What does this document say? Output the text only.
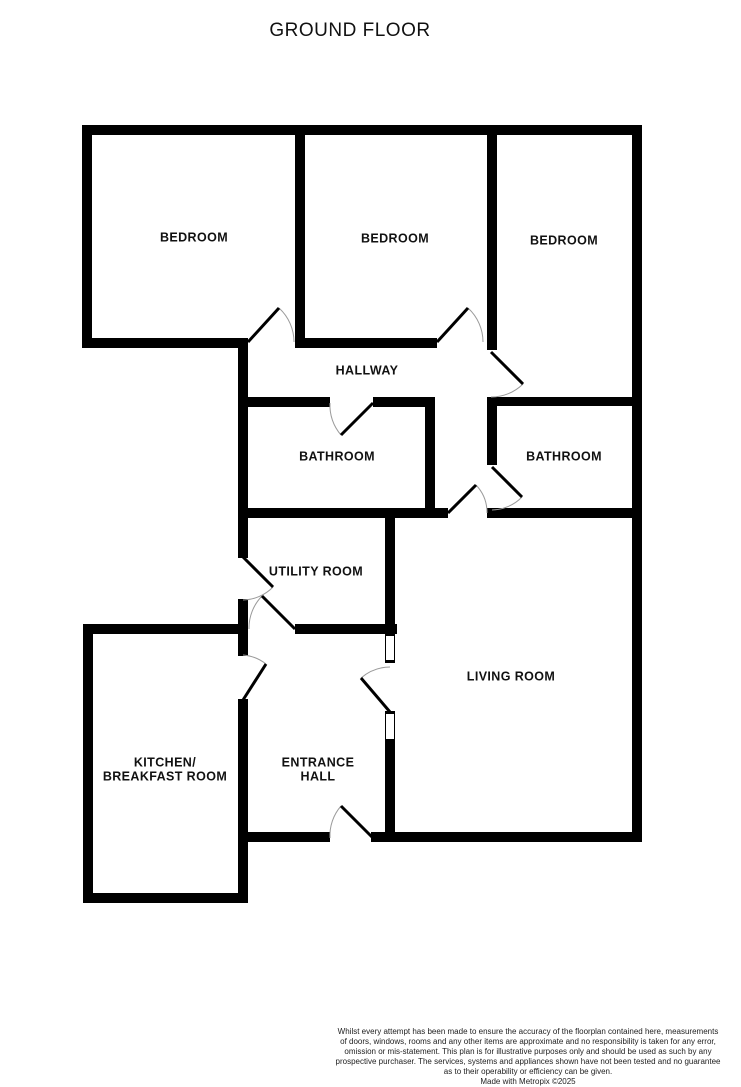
GROUND FLOOR
BEDROOM	BEDROOM	BEDROOM
HALLWAY
BATHROOM	BATHROOM
UTILITY ROOM
LIVING ROOM
KITCHEN/
BREAKFAST ROOM
ENTRANCE
HALL
Whilst every attempt has been made to ensure the accuracy of the floorplan contained here, measurements
of doors, windows, rooms and any other items are approximate and no responsibility is taken for any error,
omission or mis-statement. This plan is for illustrative purposes only and should be used as such by any
prospective purchaser. The services, systems and appliances shown have not been tested and no guarantee
as to their operability or efficiency can be given.
Made with Metropix ©2025
